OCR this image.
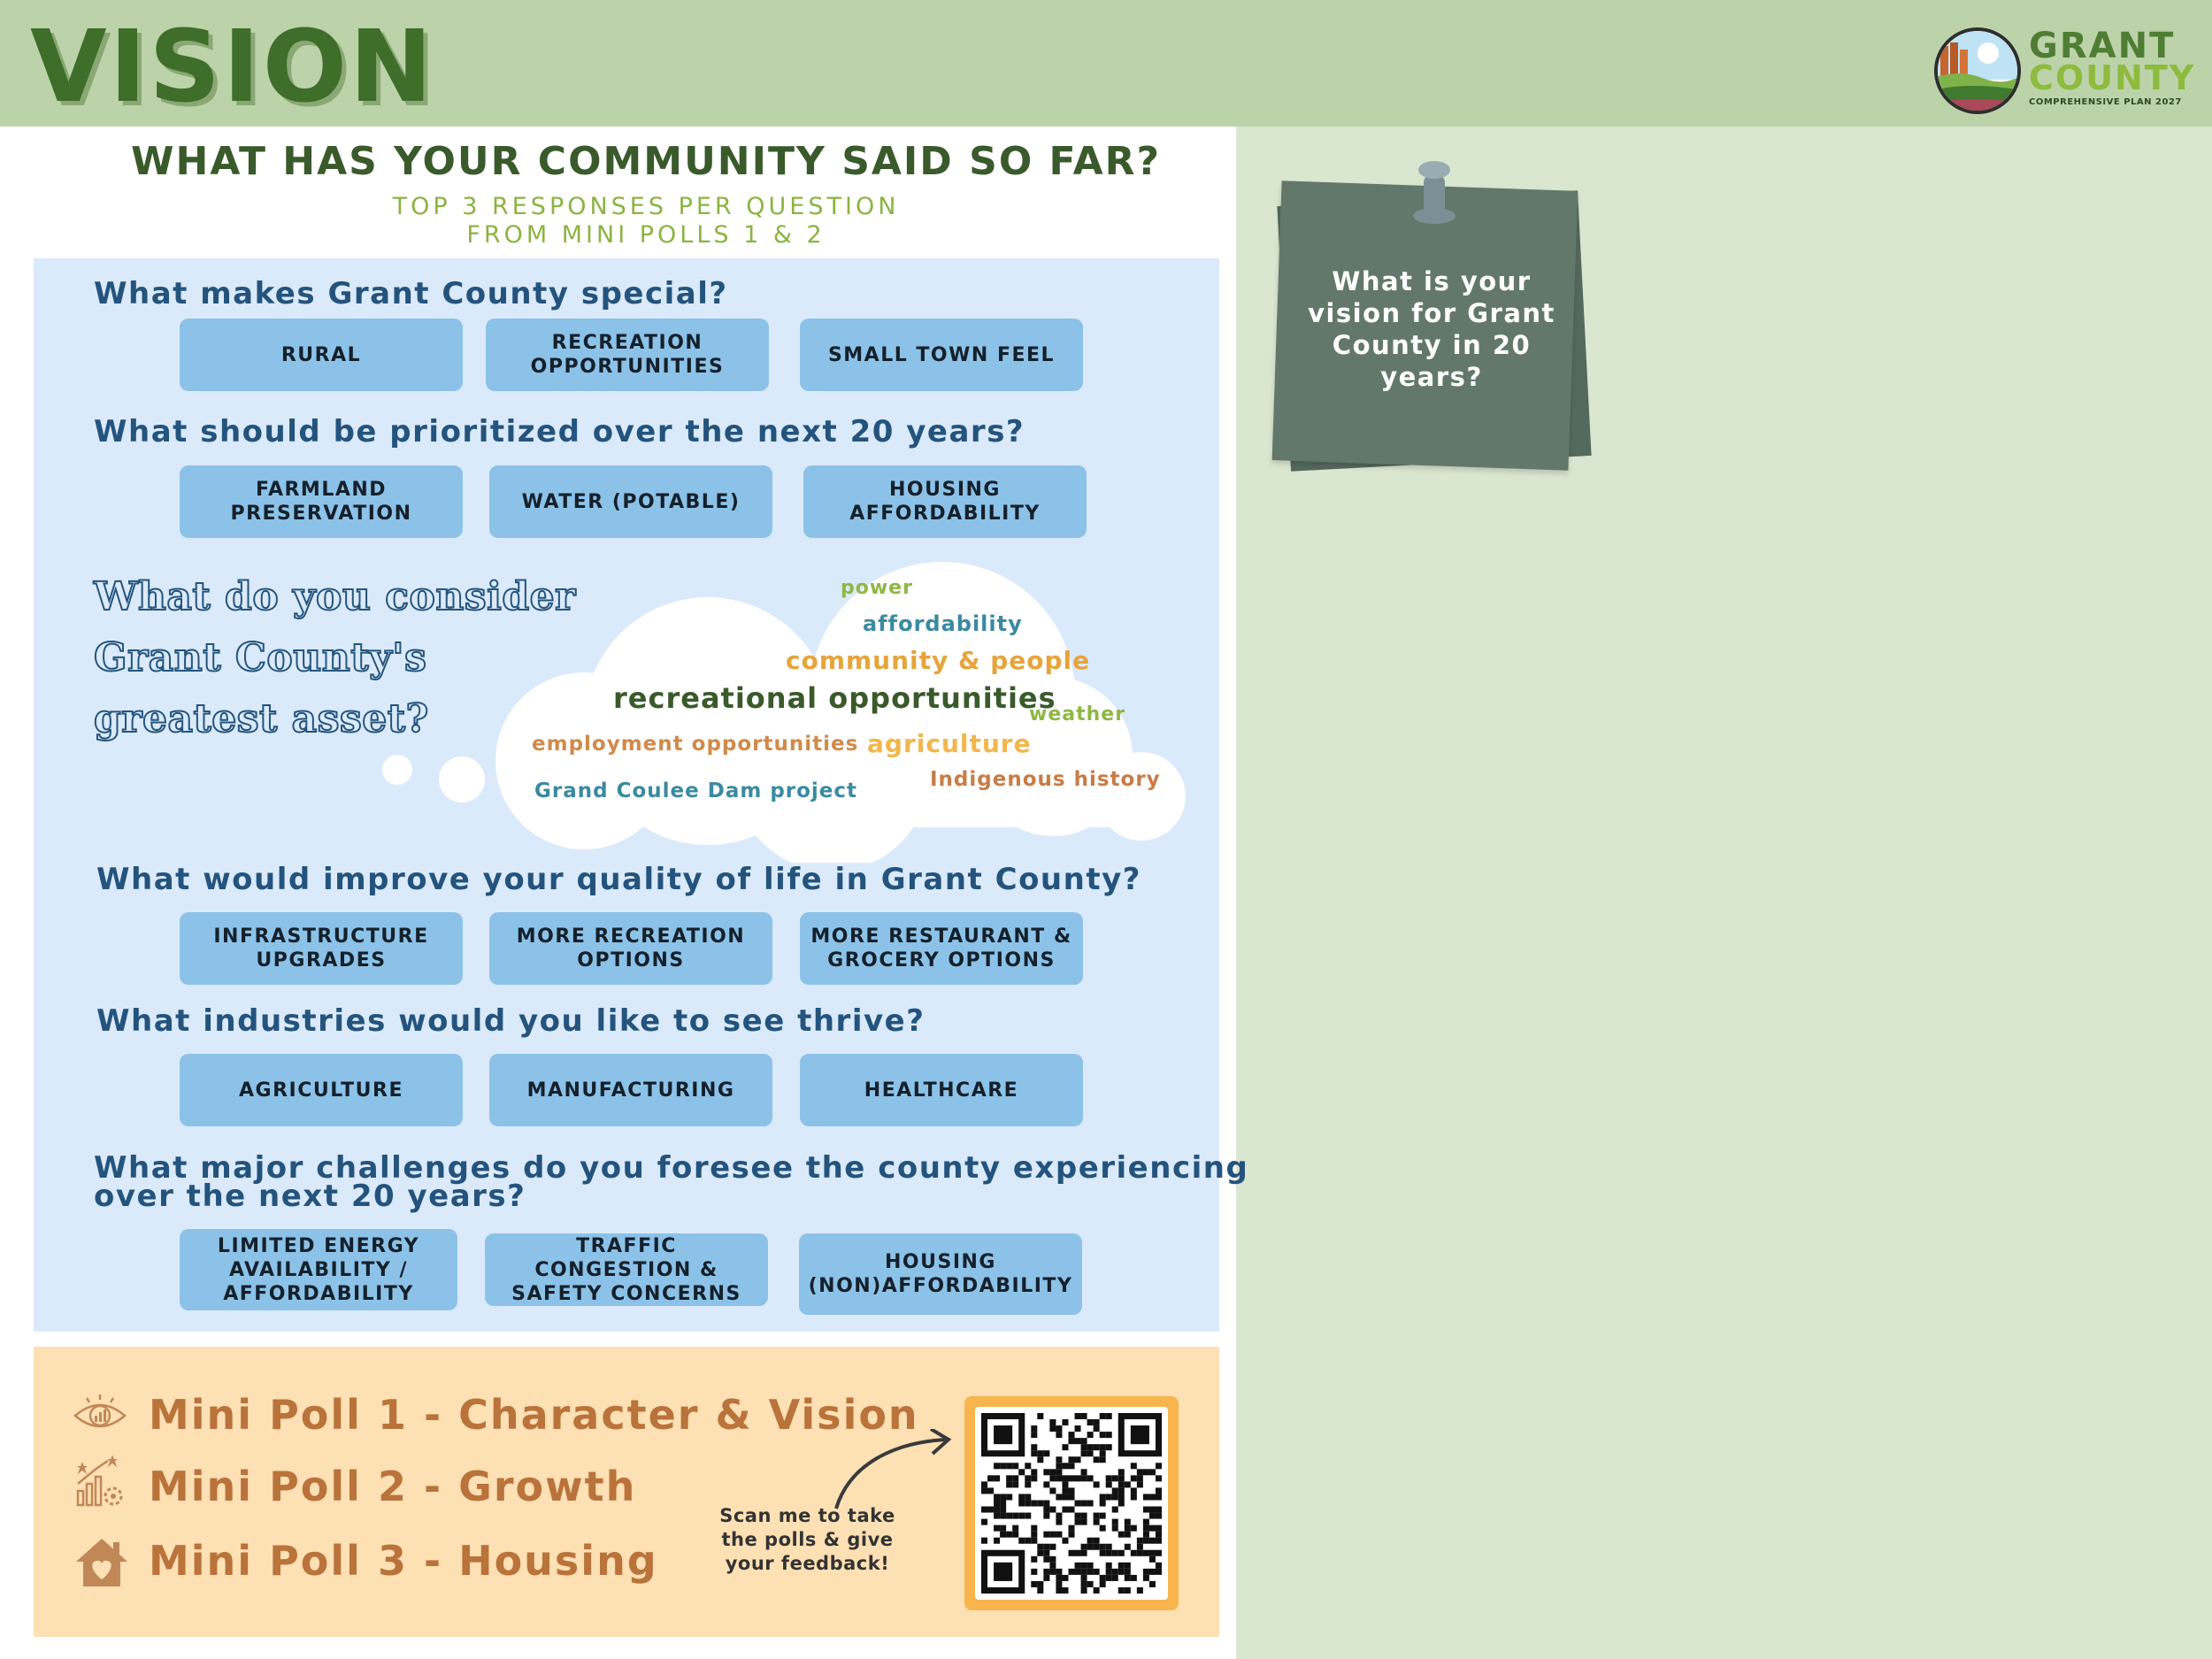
VISION	GRANT
COUNTY
COMPREHENSIVE PLAN 2027
WHAT HAS YOUR COMMUNITY SAID SO FAR?
TOP 3 RESPONSES PER QUESTION
FROM MINI POLLS 1 & 2
What makes Grant County special?
RURAL
RECREATION OPPORTUNITIES
SMALL TOWN FEEL
What should be prioritized over the next 20 years?
FARMLAND PRESERVATION
WATER (POTABLE)
HOUSING AFFORDABILITY
What do you consider
Grant County's
greatest asset?
power
affordability
community & people
recreational opportunities
weather
employment opportunities agriculture
Indigenous history
Grand Coulee Dam project
What would improve your quality of life in Grant County?
INFRASTRUCTURE UPGRADES
MORE RECREATION OPTIONS
MORE RESTAURANT & GROCERY OPTIONS
What industries would you like to see thrive?
AGRICULTURE	MANUFACTURING	HEALTHCARE
What major challenges do you foresee the county experiencing
over the next 20 years?
LIMITED ENERGY AVAILABILITY / AFFORDABILITY
TRAFFIC CONGESTION & SAFETY CONCERNS
HOUSING (NON)AFFORDABILITY
Mini Poll 1 - Character & Vision
Mini Poll 2 - Growth
Mini Poll 3 - Housing
Scan me to take the polls & give your feedback!
What is your vision for Grant County in 20 years?
